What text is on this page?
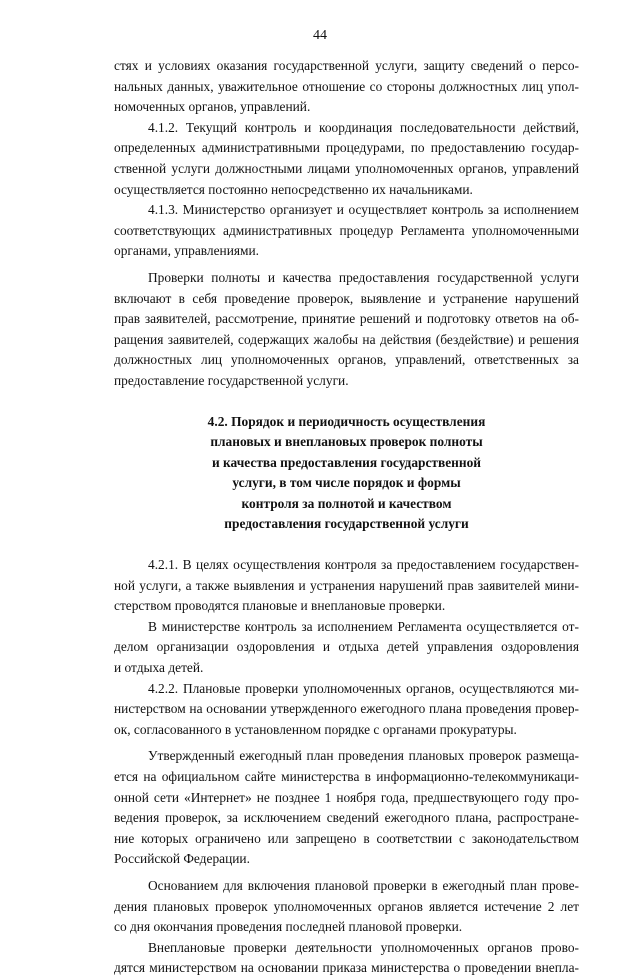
44
стях и условиях оказания государственной услуги, защиту сведений о персо-
нальных данных, уважительное отношение со стороны должностных лиц упол-
номоченных органов, управлений.
4.1.2. Текущий контроль и координация последовательности действий,
определенных административными процедурами, по предоставлению государ-
ственной услуги должностными лицами уполномоченных органов, управлений
осуществляется постоянно непосредственно их начальниками.
4.1.3. Министерство организует и осуществляет контроль за исполнением
соответствующих административных процедур Регламента уполномоченными
органами, управлениями.
Проверки полноты и качества предоставления государственной услуги
включают в себя проведение проверок, выявление и устранение нарушений
прав заявителей, рассмотрение, принятие решений и подготовку ответов на об-
ращения заявителей, содержащих жалобы на действия (бездействие) и решения
должностных лиц уполномоченных органов, управлений, ответственных за
предоставление государственной услуги.
4.2. Порядок и периодичность осуществления
плановых и внеплановых проверок полноты
и качества предоставления государственной
услуги, в том числе порядок и формы
контроля за полнотой и качеством
предоставления государственной услуги
4.2.1. В целях осуществления контроля за предоставлением государствен-
ной услуги, а также выявления и устранения нарушений прав заявителей мини-
стерством проводятся плановые и внеплановые проверки.
В министерстве контроль за исполнением Регламента осуществляется от-
делом организации оздоровления и отдыха детей управления оздоровления
и отдыха детей.
4.2.2. Плановые проверки уполномоченных органов, осуществляются ми-
нистерством на основании утвержденного ежегодного плана проведения провер-
ок, согласованного в установленном порядке с органами прокуратуры.
Утвержденный ежегодный план проведения плановых проверок размеща-
ется на официальном сайте министерства в информационно-телекоммуникаци-
онной сети «Интернет» не позднее 1 ноября года, предшествующего году про-
ведения проверок, за исключением сведений ежегодного плана, распростране-
ние которых ограничено или запрещено в соответствии с законодательством
Российской Федерации.
Основанием для включения плановой проверки в ежегодный план прове-
дения плановых проверок уполномоченных органов является истечение 2 лет
со дня окончания проведения последней плановой проверки.
Внеплановые проверки деятельности уполномоченных органов прово-
дятся министерством на основании приказа министерства о проведении внепла-
